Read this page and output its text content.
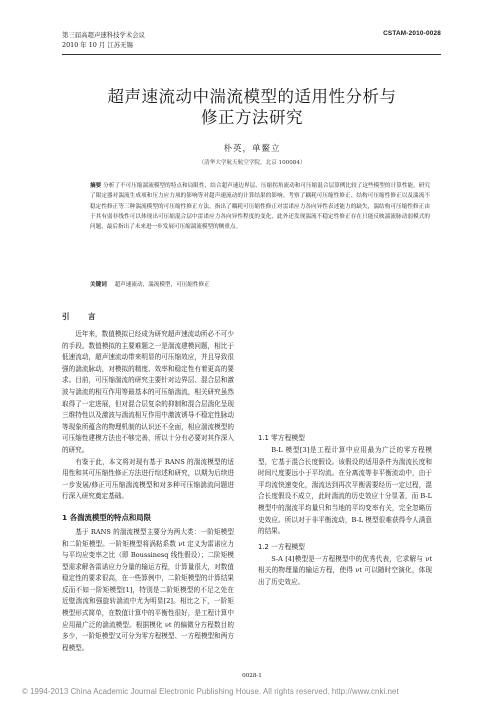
第三届高超声速科技学术会议
2010 年 10 月 江苏无锡
CSTAM-2010-0028
超声速流动中湍流模型的适用性分析与
修正方法研究
朴英，单鳌立
（清华大学航天航空学院，北京 100084）
摘要 分析了不可压缩湍流模型的特点和局限性，结合超声速边界层、压缩拐角流动和可压缩混合层算例比较了这些模型的计算性能，研究了限定器对湍流生成项和压力应力项的影响等对超声速流动的计算结果的影响。考察了耦耗可压缩性修正、结构可压缩性修正以及湍流不稳定性修正等三种湍流模型的可压缩性修正方法，指出了耦耗可压缩性修正对雷诺应力各向异性表述能力的缺失，湍结构可压缩性修正由于其有弱非线性可以体现出可压缩混合层中雷诺应力各向异性程度的变化，此外还发现湍流不稳定性修正存在只能反映湍流脉动弱模式的问题，最后指出了未来进一步发展可压缩湍流模型的侧重点。
关键词 超声速流动，湍流模型，可压缩性修正
引 言

近年来，数值模拟已经成为研究超声速流动所必不可少的手段。数值模拟的主要难题之一是湍流建模问题，相比于低速流动，超声速流动带来明显的可压缩效应，并且导致很强的湍流脉动，对模拟的精度、效率和稳定性有着更高的要求。目前，可压缩湍流的研究主要针对边界层、混合层和激波与湍流的相互作用等最基本的可压缩湍流，相关研究虽然取得了一定进展，但对混合层复杂的抑制和混合层湍化呈现三维特性以及激波与湍流相互作用中激波诱导不稳定性脉动等现象所蕴含的物理机制的认识还不全面，相应湍流模型的可压缩性建模方法也不够完善，所以十分有必要对其作深入的研究。

有鉴于此，本文将对现有基于 RANS 的湍流模型的适用性和其可压缩性修正方法进行综述和研究，以期为后续进一步发展/修正可压缩湍流模型和对多种可压缩湍流问题进行深入研究奠定基础。

1 各湍流模型的特点和局限

基于 RANS 的湍流模型主要分为两大类：一阶矩模型和二阶矩模型。一阶矩模型将涡粘系数 νt 定义为雷诺应力与平均应变率之比（即 Boussinesq 线性假设）；二阶矩模型需求解各雷诺应力分量的输运方程，计算量很大，对数值稳定性的要求很高，在一些算例中，二阶矩模型的计算结果反而不如一阶矩模型[1]，特别是二阶矩模型的不足之处在近壁湍流和强旋转湍流中尤为明显[2]。相比之下，一阶矩模型形式简单，在数值计算中的平衡性很好，是工程计算中应用最广泛的湍流模型。根据模化 νt 的偏微分方程数目的多少，一阶矩模型又可分为零方程模型、一方程模型和两方程模型。

1.1 零方程模型

B-L 模型[3]是工程计算中应用最为广泛的零方程模型，它基于混合长度假设。该假设的适用条件为湍流长度和时间尺度要远小于平均流。在分离流等非平衡流动中，由于平均流快速变化，湍流达到再次平衡需要经历一定过程，混合长度假设不成立，此时湍流的历史效应十分显著，而 B-L 模型中的湍流平均量只和当地的平均变率有关，完全忽略历史效应。所以对于非平衡流动，B-L 模型很难获得令人满意的结果。

1.2 一方程模型

S-A [4]模型是一方程模型中的优秀代表，它求解与 νt 相关的物理量的输运方程，使得 νt 可以随时空演化，体现出了历史效应。

0028-1
© 1994-2013 China Academic Journal Electronic Publishing House. All rights reserved. http://www.cnki.net
